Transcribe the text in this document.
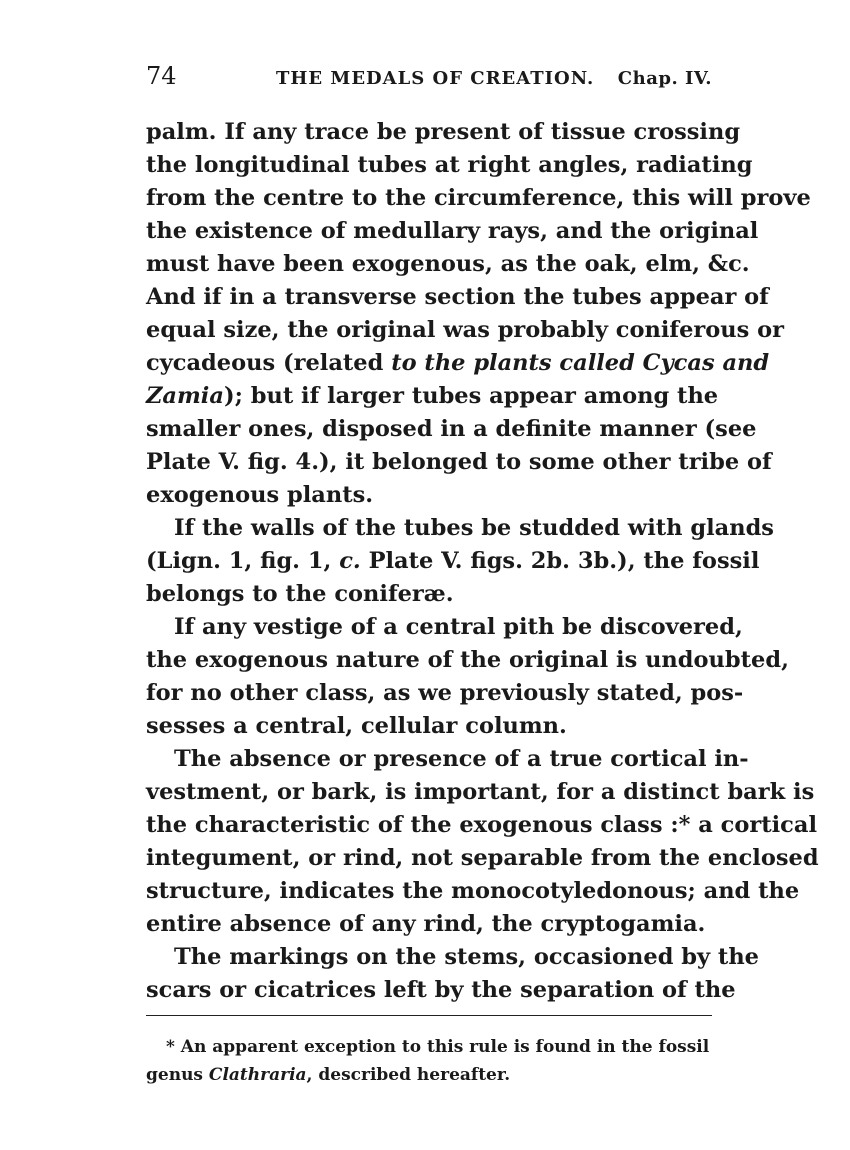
74	THE MEDALS OF CREATION. Chap. IV.
palm. If any trace be present of tissue crossing
the longitudinal tubes at right angles, radiating
from the centre to the circumference, this will prove
the existence of medullary rays, and the original
must have been exogenous, as the oak, elm, &c.
And if in a transverse section the tubes appear of
equal size, the original was probably coniferous or
cycadeous (related to the plants called Cycas and
Zamia); but if larger tubes appear among the
smaller ones, disposed in a definite manner (see
Plate V. fig. 4.), it belonged to some other tribe of
exogenous plants.
If the walls of the tubes be studded with glands
(Lign. 1, fig. 1, c. Plate V. figs. 2b. 3b.), the fossil
belongs to the coniferæ.
If any vestige of a central pith be discovered,
the exogenous nature of the original is undoubted,
for no other class, as we previously stated, pos-
sesses a central, cellular column.
The absence or presence of a true cortical in-
vestment, or bark, is important, for a distinct bark is
the characteristic of the exogenous class :* a cortical
integument, or rind, not separable from the enclosed
structure, indicates the monocotyledonous; and the
entire absence of any rind, the cryptogamia.
The markings on the stems, occasioned by the
scars or cicatrices left by the separation of the
* An apparent exception to this rule is found in the fossil
genus Clathraria, described hereafter.
